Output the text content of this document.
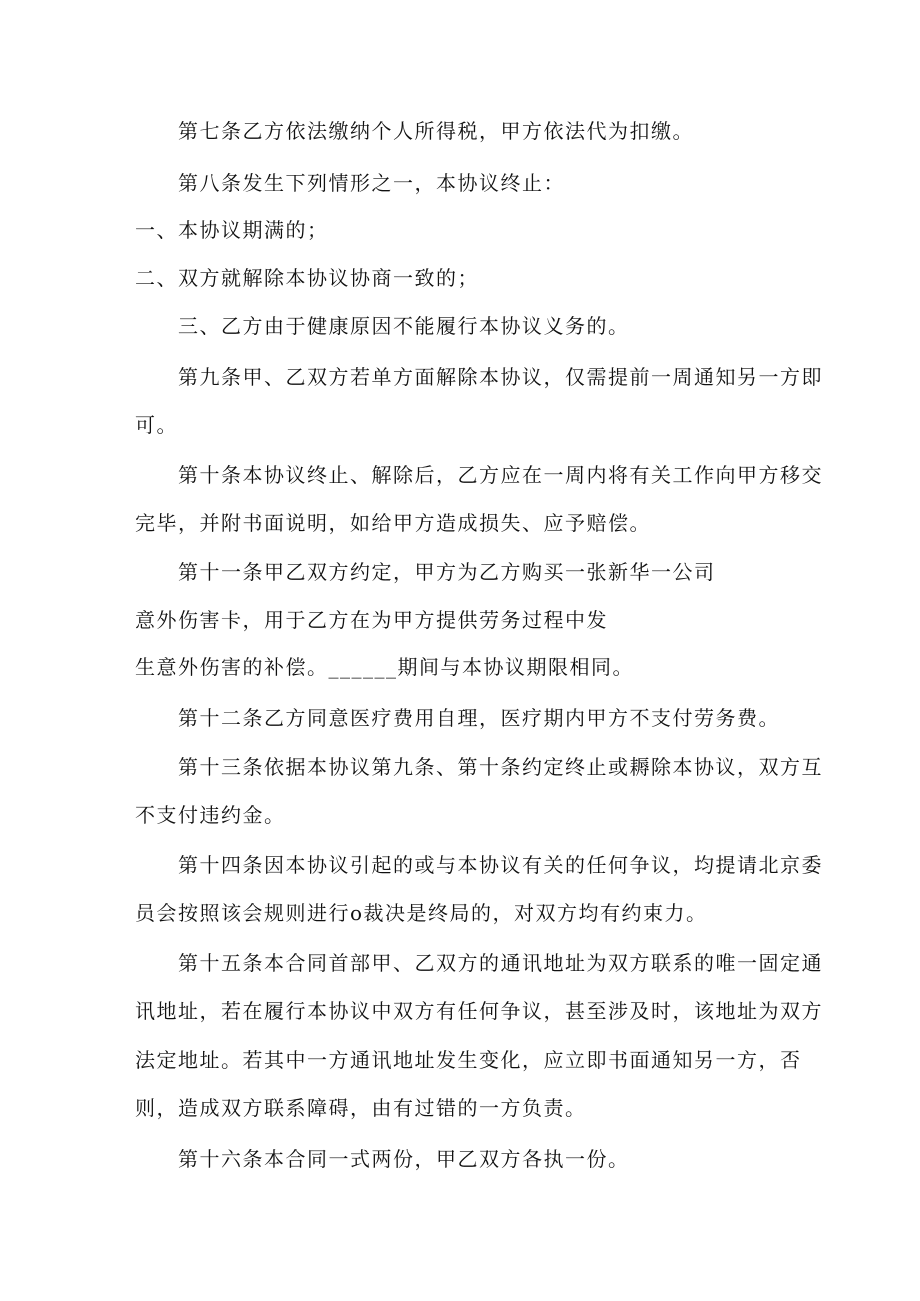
第七条乙方依法缴纳个人所得税，甲方依法代为扣缴。
第八条发生下列情形之一，本协议终止：
一、本协议期满的；
二、双方就解除本协议协商一致的；
三、乙方由于健康原因不能履行本协议义务的。
第九条甲、乙双方若单方面解除本协议，仅需提前一周通知另一方即
可。
第十条本协议终止、解除后，乙方应在一周内将有关工作向甲方移交
完毕，并附书面说明，如给甲方造成损失、应予赔偿。
第十一条甲乙双方约定，甲方为乙方购买一张新华一公司
意外伤害卡，用于乙方在为甲方提供劳务过程中发
生意外伤害的补偿。______期间与本协议期限相同。
第十二条乙方同意医疗费用自理，医疗期内甲方不支付劳务费。
第十三条依据本协议第九条、第十条约定终止或耨除本协议，双方互
不支付违约金。
第十四条因本协议引起的或与本协议有关的任何争议，均提请北京委
员会按照该会规则进行o裁决是终局的，对双方均有约束力。
第十五条本合同首部甲、乙双方的通讯地址为双方联系的唯一固定通
讯地址，若在履行本协议中双方有任何争议，甚至涉及时，该地址为双方
法定地址。若其中一方通讯地址发生变化，应立即书面通知另一方，否
则，造成双方联系障碍，由有过错的一方负责。
第十六条本合同一式两份，甲乙双方各执一份。
